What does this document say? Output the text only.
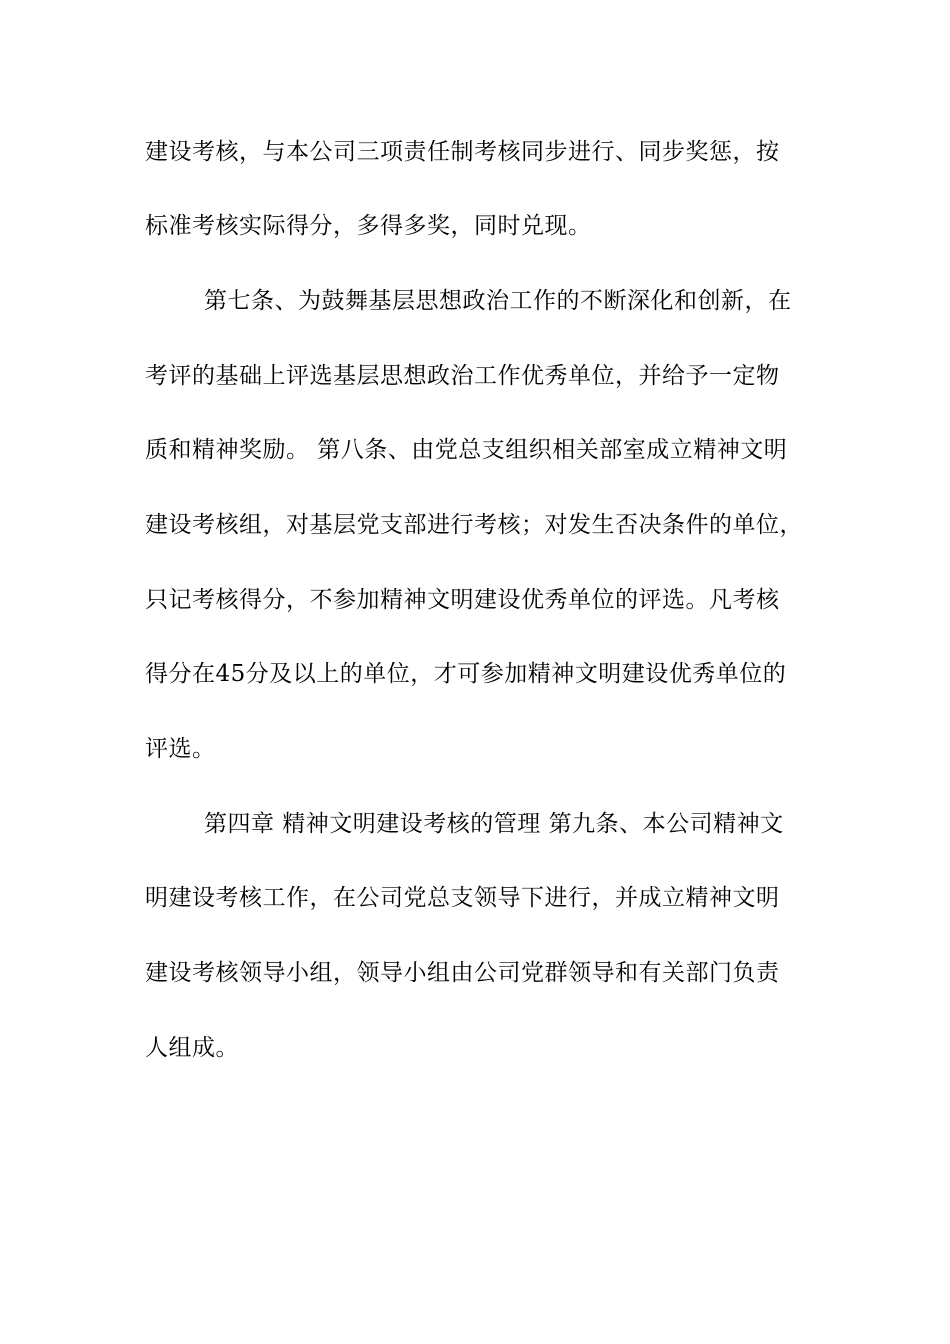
建设考核，与本公司三项责任制考核同步进行、同步奖惩，按
标准考核实际得分，多得多奖，同时兑现。
第七条、为鼓舞基层思想政治工作的不断深化和创新，在
考评的基础上评选基层思想政治工作优秀单位，并给予一定物
质和精神奖励。 第八条、由党总支组织相关部室成立精神文明
建设考核组，对基层党支部进行考核；对发生否决条件的单位，
只记考核得分，不参加精神文明建设优秀单位的评选。凡考核
得分在45分及以上的单位，才可参加精神文明建设优秀单位的
评选。
第四章 精神文明建设考核的管理 第九条、本公司精神文
明建设考核工作，在公司党总支领导下进行，并成立精神文明
建设考核领导小组，领导小组由公司党群领导和有关部门负责
人组成。
